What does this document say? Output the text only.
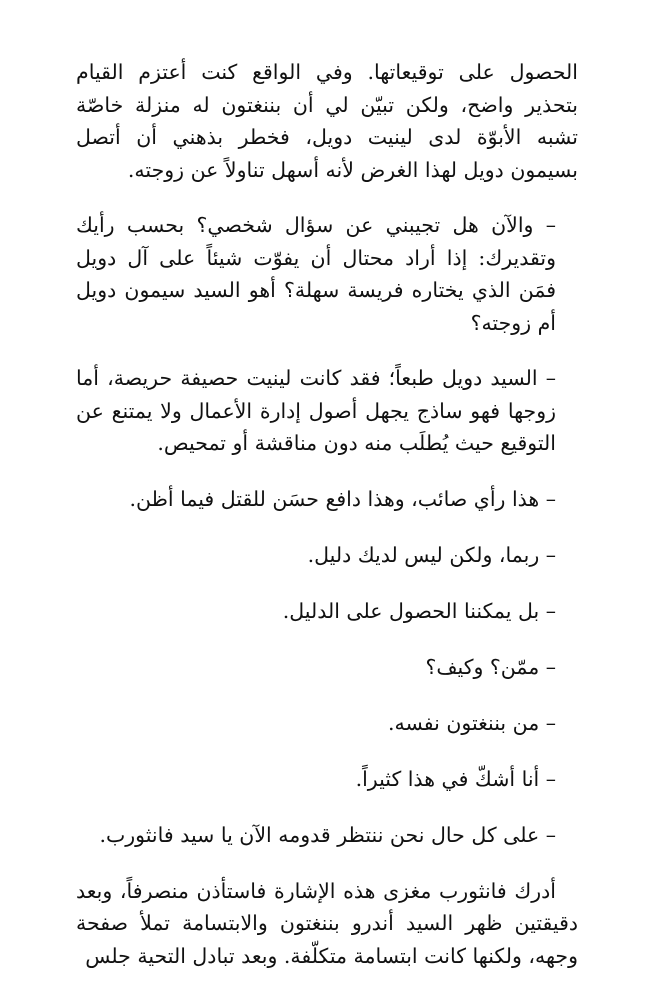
الحصول على توقيعاتها. وفي الواقع كنت أعتزم القيام بتحذير واضح، ولكن تبيّن لي أن بننغتون له منزلة خاصّة تشبه الأبوّة لدى لينيت دويل، فخطر بذهني أن أتصل بسيمون دويل لهذا الغرض لأنه أسهل تناولاً عن زوجته.

– والآن هل تجيبني عن سؤال شخصي؟ بحسب رأيك وتقديرك: إذا أراد محتال أن يفوّت شيئاً على آل دويل فمَن الذي يختاره فريسة سهلة؟ أهو السيد سيمون دويل أم زوجته؟

– السيد دويل طبعاً؛ فقد كانت لينيت حصيفة حريصة، أما زوجها فهو ساذج يجهل أصول إدارة الأعمال ولا يمتنع عن التوقيع حيث يُطلَب منه دون مناقشة أو تمحيص.

– هذا رأي صائب، وهذا دافع حسَن للقتل فيما أظن.

– ربما، ولكن ليس لديك دليل.

– بل يمكننا الحصول على الدليل.

– ممّن؟ وكيف؟

– من بننغتون نفسه.

– أنا أشكّ في هذا كثيراً.

– على كل حال نحن ننتظر قدومه الآن يا سيد فانثورب.

أدرك فانثورب مغزى هذه الإشارة فاستأذن منصرفاً، وبعد دقيقتين ظهر السيد أندرو بننغتون والابتسامة تملأ صفحة وجهه، ولكنها كانت ابتسامة متكلّفة. وبعد تبادل التحية جلس
